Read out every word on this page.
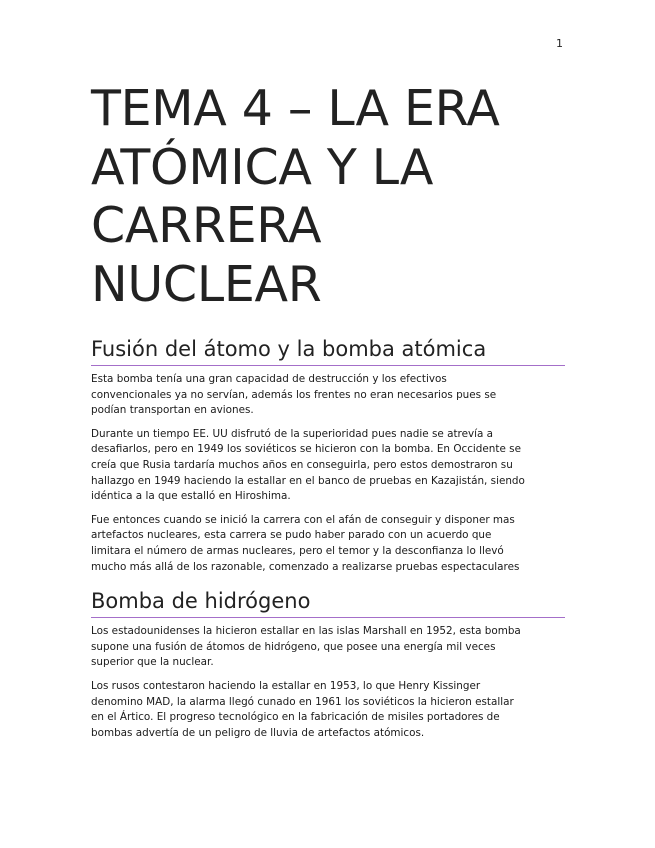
1
TEMA 4 – LA ERA
ATÓMICA Y LA
CARRERA
NUCLEAR
Fusión del átomo y la bomba atómica

Esta bomba tenía una gran capacidad de destrucción y los efectivos
convencionales ya no servían, además los frentes no eran necesarios pues se
podían transportan en aviones.

Durante un tiempo EE. UU disfrutó de la superioridad pues nadie se atrevía a
desafiarlos, pero en 1949 los soviéticos se hicieron con la bomba. En Occidente se
creía que Rusia tardaría muchos años en conseguirla, pero estos demostraron su
hallazgo en 1949 haciendo la estallar en el banco de pruebas en Kazajistán, siendo
idéntica a la que estalló en Hiroshima.

Fue entonces cuando se inició la carrera con el afán de conseguir y disponer mas
artefactos nucleares, esta carrera se pudo haber parado con un acuerdo que
limitara el número de armas nucleares, pero el temor y la desconfianza lo llevó
mucho más allá de los razonable, comenzado a realizarse pruebas espectaculares

Bomba de hidrógeno

Los estadounidenses la hicieron estallar en las islas Marshall en 1952, esta bomba
supone una fusión de átomos de hidrógeno, que posee una energía mil veces
superior que la nuclear.

Los rusos contestaron haciendo la estallar en 1953, lo que Henry Kissinger
denomino MAD, la alarma llegó cunado en 1961 los soviéticos la hicieron estallar
en el Ártico. El progreso tecnológico en la fabricación de misiles portadores de
bombas advertía de un peligro de lluvia de artefactos atómicos.
